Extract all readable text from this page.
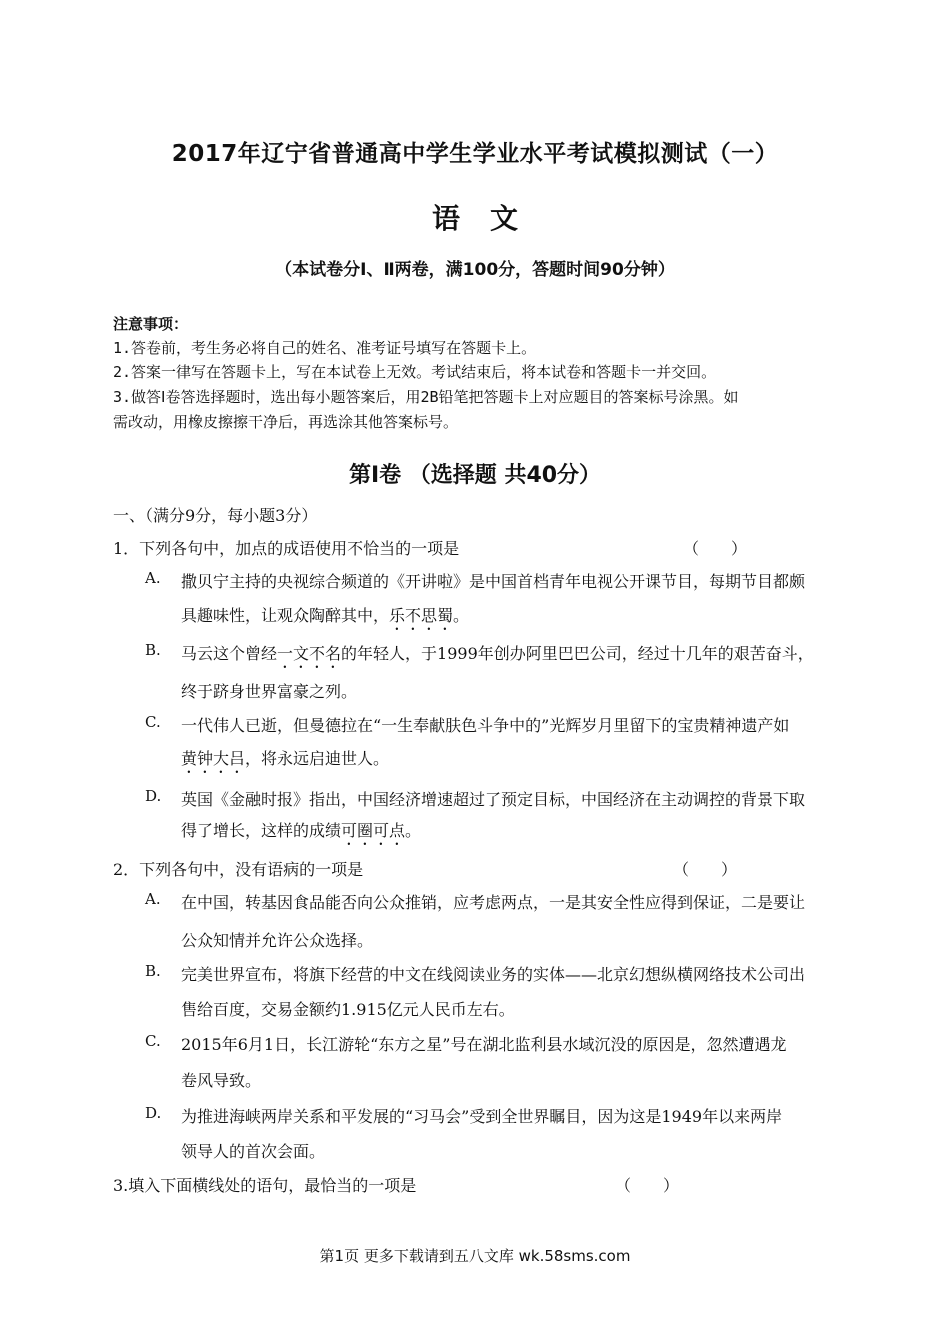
2017年辽宁省普通高中学生学业水平考试模拟测试（一）
语文
（本试卷分Ⅰ、Ⅱ两卷，满100分，答题时间90分钟）
注意事项：
1.答卷前，考生务必将自己的姓名、准考证号填写在答题卡上。
2.答案一律写在答题卡上，写在本试卷上无效。考试结束后，将本试卷和答题卡一并交回。
3.做答Ⅰ卷答选择题时，选出每小题答案后，用2B铅笔把答题卡上对应题目的答案标号涂黑。如
需改动，用橡皮擦擦干净后，再选涂其他答案标号。
第Ⅰ卷 （选择题 共40分）
一、（满分9分，每小题3分）
1．下列各句中，加点的成语使用不恰当的一项是	（　　）
A. 撒贝宁主持的央视综合频道的《开讲啦》是中国首档青年电视公开课节目，每期节目都颇
具趣味性，让观众陶醉其中，乐不思蜀。
B. 马云这个曾经一文不名的年轻人，于1999年创办阿里巴巴公司，经过十几年的艰苦奋斗，
终于跻身世界富豪之列。
C. 一代伟人已逝，但曼德拉在“一生奉献肤色斗争中的”光辉岁月里留下的宝贵精神遗产如
黄钟大吕，将永远启迪世人。
D. 英国《金融时报》指出，中国经济增速超过了预定目标，中国经济在主动调控的背景下取
得了增长，这样的成绩可圈可点。
2．下列各句中，没有语病的一项是	（　　）
A. 在中国，转基因食品能否向公众推销，应考虑两点，一是其安全性应得到保证，二是要让
公众知情并允许公众选择。
B. 完美世界宣布，将旗下经营的中文在线阅读业务的实体——北京幻想纵横网络技术公司出
售给百度，交易金额约1.915亿元人民币左右。
C. 2015年6月1日，长江游轮“东方之星”号在湖北监利县水域沉没的原因是，忽然遭遇龙
卷风导致。
D. 为推进海峡两岸关系和平发展的“习马会”受到全世界瞩目，因为这是1949年以来两岸
领导人的首次会面。
3.填入下面横线处的语句，最恰当的一项是	（　　）
第1页 更多下载请到五八文库 wk.58sms.com
